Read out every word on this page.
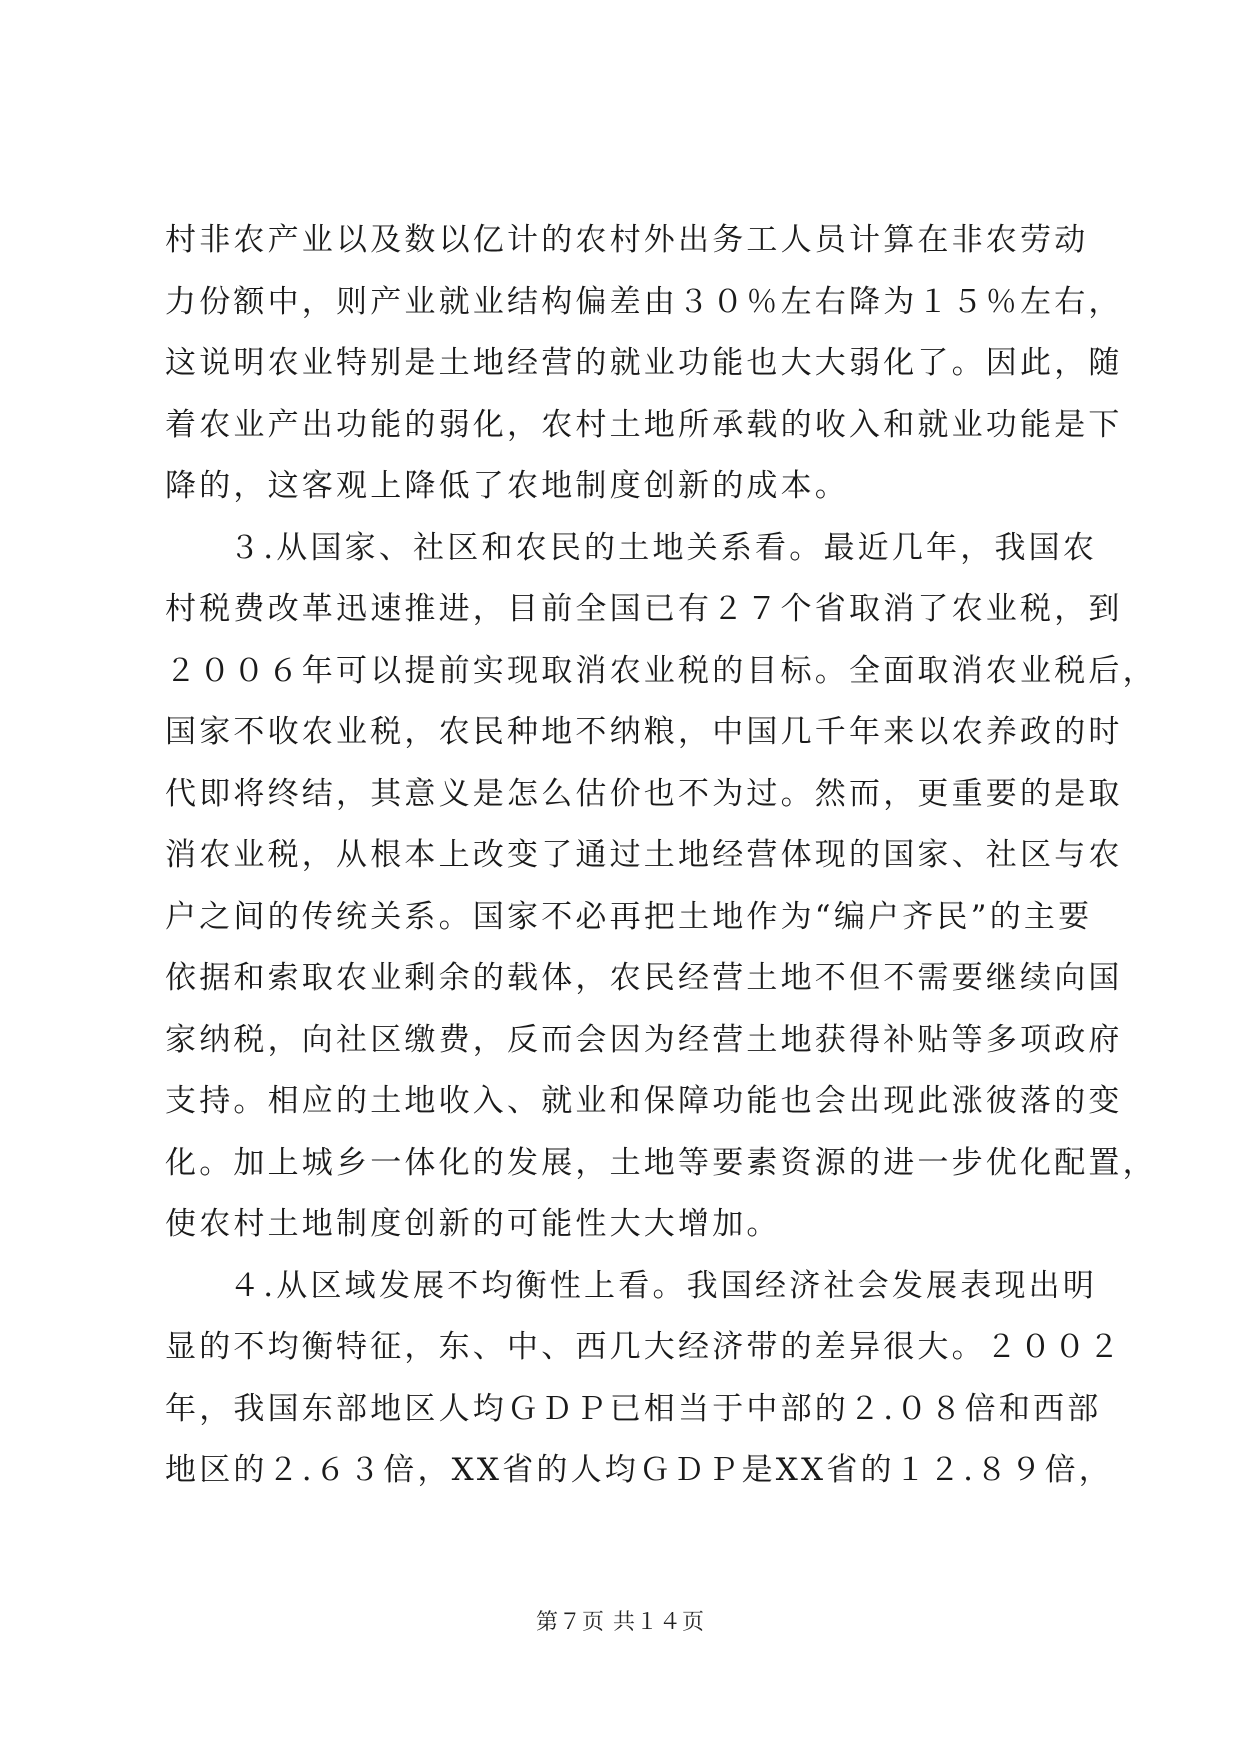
村非农产业以及数以亿计的农村外出务工人员计算在非农劳动
力份额中，则产业就业结构偏差由３０％左右降为１５％左右，
这说明农业特别是土地经营的就业功能也大大弱化了。因此，随
着农业产出功能的弱化，农村土地所承载的收入和就业功能是下
降的，这客观上降低了农地制度创新的成本。
３.从国家、社区和农民的土地关系看。最近几年，我国农
村税费改革迅速推进，目前全国已有２７个省取消了农业税，到
２００６年可以提前实现取消农业税的目标。全面取消农业税后，
国家不收农业税，农民种地不纳粮，中国几千年来以农养政的时
代即将终结，其意义是怎么估价也不为过。然而，更重要的是取
消农业税，从根本上改变了通过土地经营体现的国家、社区与农
户之间的传统关系。国家不必再把土地作为“编户齐民”的主要
依据和索取农业剩余的载体，农民经营土地不但不需要继续向国
家纳税，向社区缴费，反而会因为经营土地获得补贴等多项政府
支持。相应的土地收入、就业和保障功能也会出现此涨彼落的变
化。加上城乡一体化的发展，土地等要素资源的进一步优化配置，
使农村土地制度创新的可能性大大增加。
４.从区域发展不均衡性上看。我国经济社会发展表现出明
显的不均衡特征，东、中、西几大经济带的差异很大。２００２
年，我国东部地区人均ＧＤＰ已相当于中部的２.０８倍和西部
地区的２.６３倍，XX省的人均ＧＤＰ是XX省的１２.８９倍，
第７页 共１４页
